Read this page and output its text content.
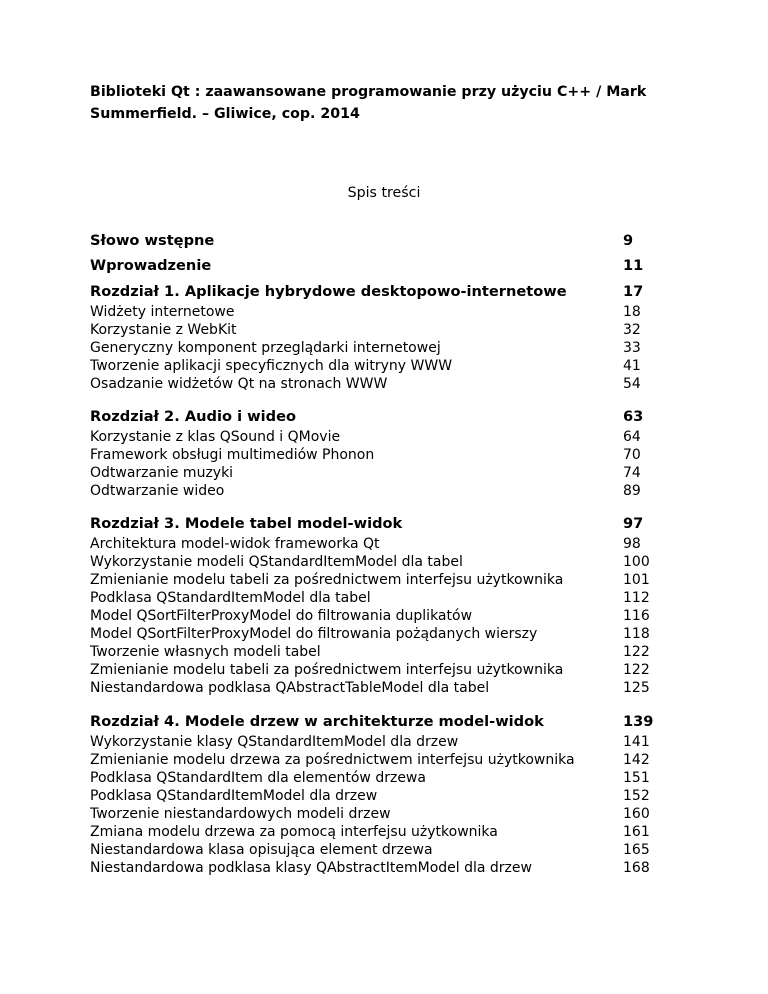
Biblioteki Qt : zaawansowane programowanie przy użyciu C++ / Mark
Summerfield. – Gliwice, cop. 2014
Spis treści
Słowo wstępne	9
Wprowadzenie	11
Rozdział 1. Aplikacje hybrydowe desktopowo-internetowe	17
Widżety internetowe	18
Korzystanie z WebKit	32
Generyczny komponent przeglądarki internetowej	33
Tworzenie aplikacji specyficznych dla witryny WWW	41
Osadzanie widżetów Qt na stronach WWW	54
Rozdział 2. Audio i wideo	63
Korzystanie z klas QSound i QMovie	64
Framework obsługi multimediów Phonon	70
Odtwarzanie muzyki	74
Odtwarzanie wideo	89
Rozdział 3. Modele tabel model-widok	97
Architektura model-widok frameworka Qt	98
Wykorzystanie modeli QStandardItemModel dla tabel	100
Zmienianie modelu tabeli za pośrednictwem interfejsu użytkownika	101
Podklasa QStandardItemModel dla tabel	112
Model QSortFilterProxyModel do filtrowania duplikatów	116
Model QSortFilterProxyModel do filtrowania pożądanych wierszy	118
Tworzenie własnych modeli tabel	122
Zmienianie modelu tabeli za pośrednictwem interfejsu użytkownika	122
Niestandardowa podklasa QAbstractTableModel dla tabel	125
Rozdział 4. Modele drzew w architekturze model-widok	139
Wykorzystanie klasy QStandardItemModel dla drzew	141
Zmienianie modelu drzewa za pośrednictwem interfejsu użytkownika	142
Podklasa QStandardItem dla elementów drzewa	151
Podklasa QStandardItemModel dla drzew	152
Tworzenie niestandardowych modeli drzew	160
Zmiana modelu drzewa za pomocą interfejsu użytkownika	161
Niestandardowa klasa opisująca element drzewa	165
Niestandardowa podklasa klasy QAbstractItemModel dla drzew	168
